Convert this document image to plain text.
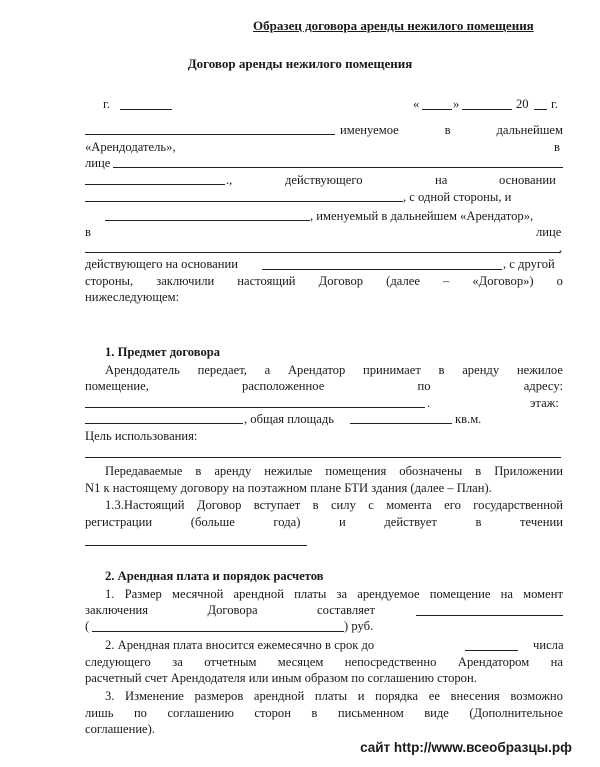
Образец договора аренды нежилого помещения
Договор аренды нежилого помещения
г.	«	»	20 г.
именуемое	в	дальнейшем
«Арендодатель»,	в
лице
.,	действующего	на	основании
, с одной стороны, и
, именуемый в дальнейшем «Арендатор»,
в	лице
,
действующего на основании	, с другой
стороны, заключили настоящий Договор (далее – «Договор») о
нижеследующем:
1. Предмет договора
Арендодатель передает, а Арендатор принимает в аренду нежилое
помещение,	расположенное	по	адресу:
.	этаж:
, общая площадь	кв.м.
Цель использования:
Передаваемые в аренду нежилые помещения обозначены в Приложении
N1 к настоящему договору на поэтажном плане БТИ здания (далее – План).
1.3.Настоящий Договор вступает в силу с момента его государственной
регистрации	(больше	года)	и	действует	в	течении
2. Арендная плата и порядок расчетов
1. Размер месячной арендной платы за арендуемое помещение на момент
заключения	Договора	составляет
(	) руб.
2. Арендная плата вносится ежемесячно в срок до	числа
следующего за отчетным месяцем непосредственно Арендатором на
расчетный счет Арендодателя или иным образом по соглашению сторон.
3. Изменение размеров арендной платы и порядка ее внесения возможно
лишь по соглашению сторон в письменном виде (Дополнительное
соглашение).
сайт http://www.всеобразцы.рф
